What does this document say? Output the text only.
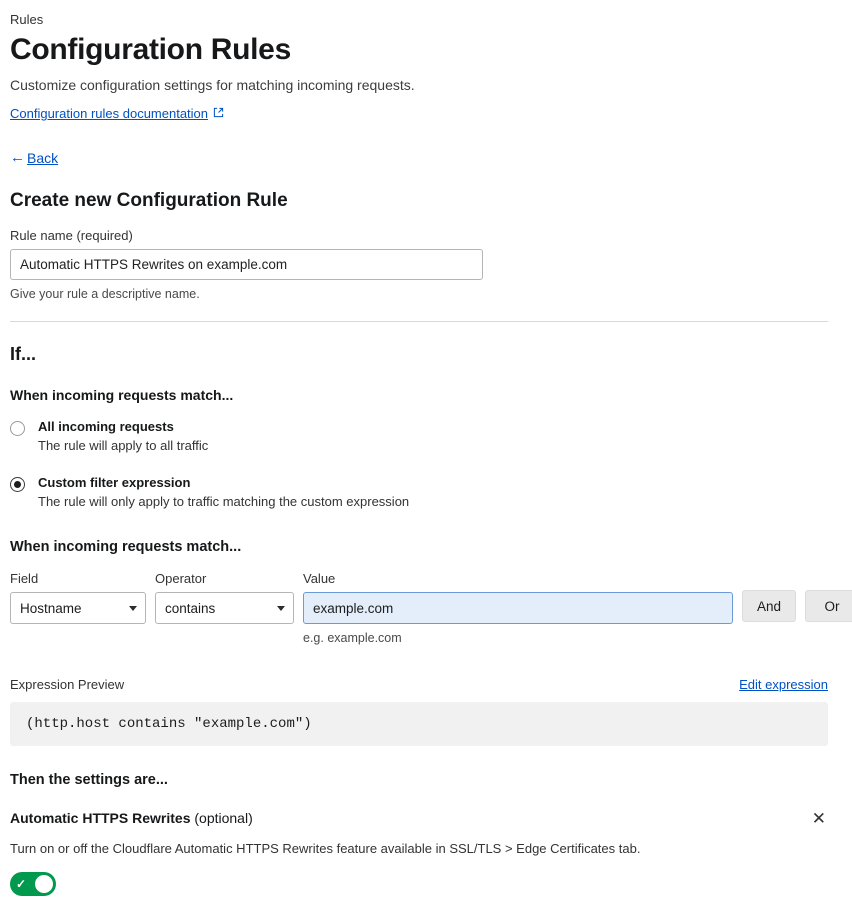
Rules
Configuration Rules

Customize configuration settings for matching incoming requests.

Configuration rules documentation
← Back
Create new Configuration Rule
Rule name (required)
Automatic HTTPS Rewrites on example.com
Give your rule a descriptive name.
If...
When incoming requests match...
All incoming requests
The rule will apply to all traffic
Custom filter expression
The rule will only apply to traffic matching the custom expression
When incoming requests match...
Field
Hostname
Operator
contains
Value
example.com
e.g. example.com
And	Or
Expression Preview	Edit expression
(http.host contains "example.com")
Then the settings are...
Automatic HTTPS Rewrites (optional)	✕
Turn on or off the Cloudflare Automatic HTTPS Rewrites feature available in SSL/TLS > Edge Certificates tab.
✓
